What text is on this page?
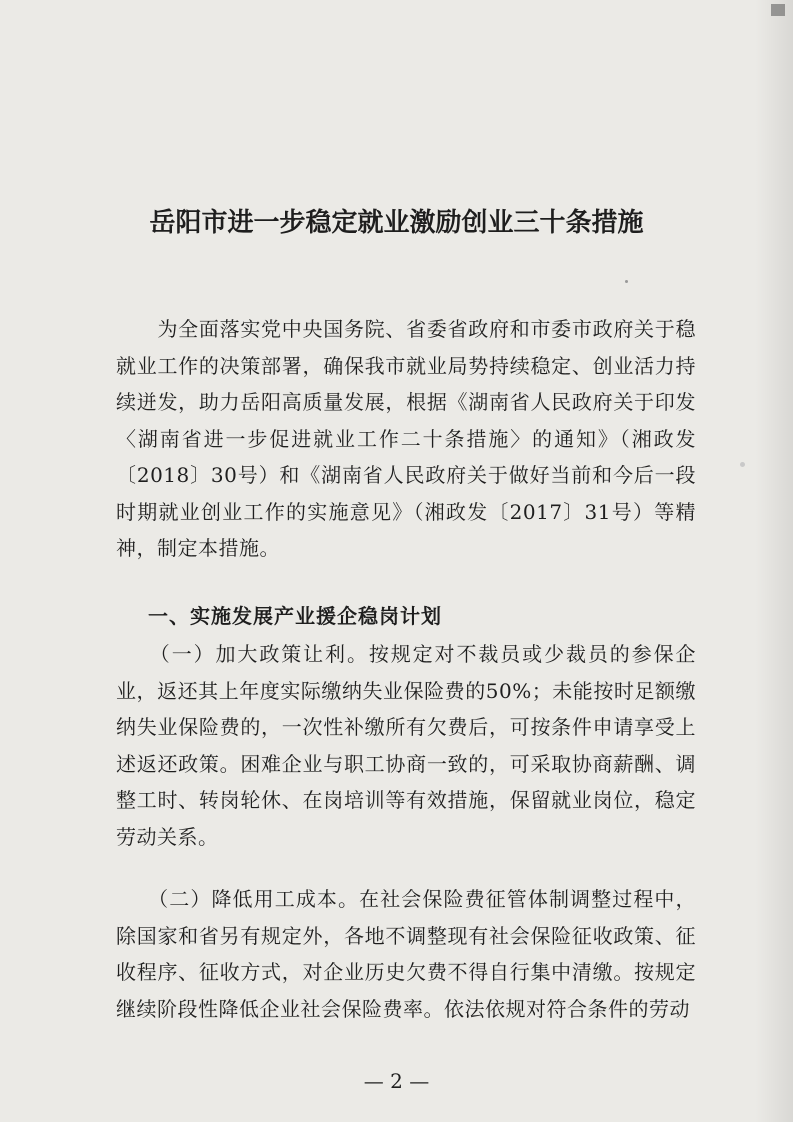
岳阳市进一步稳定就业激励创业三十条措施

　　为全面落实党中央国务院、省委省政府和市委市政府关于稳就业工作的决策部署，确保我市就业局势持续稳定、创业活力持续迸发，助力岳阳高质量发展，根据《湖南省人民政府关于印发〈湖南省进一步促进就业工作二十条措施〉的通知》（湘政发〔2018〕30号）和《湖南省人民政府关于做好当前和今后一段时期就业创业工作的实施意见》（湘政发〔2017〕31号）等精神，制定本措施。

一、实施发展产业援企稳岗计划

　　（一）加大政策让利。按规定对不裁员或少裁员的参保企业，返还其上年度实际缴纳失业保险费的50%；未能按时足额缴纳失业保险费的，一次性补缴所有欠费后，可按条件申请享受上述返还政策。困难企业与职工协商一致的，可采取协商薪酬、调整工时、转岗轮休、在岗培训等有效措施，保留就业岗位，稳定劳动关系。

　　（二）降低用工成本。在社会保险费征管体制调整过程中，除国家和省另有规定外，各地不调整现有社会保险征收政策、征收程序、征收方式，对企业历史欠费不得自行集中清缴。按规定继续阶段性降低企业社会保险费率。依法依规对符合条件的劳动

— 2 —
